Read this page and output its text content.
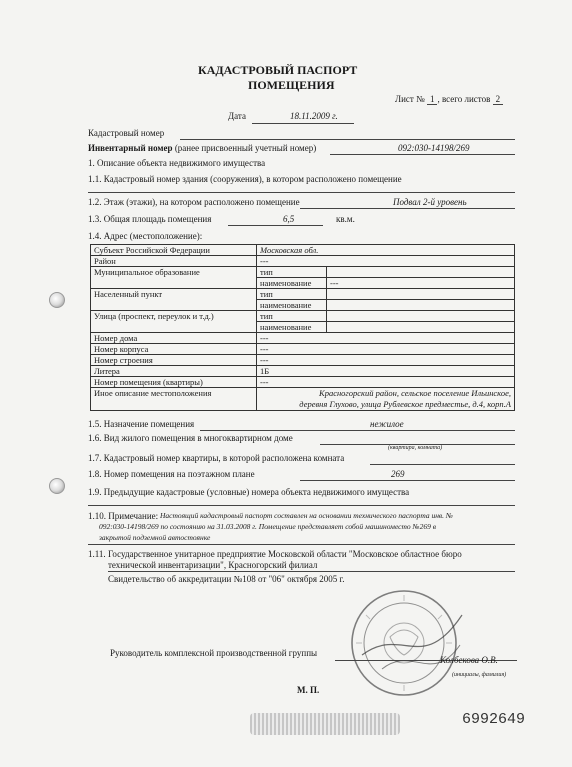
КАДАСТРОВЫЙ ПАСПОРТ
ПОМЕЩЕНИЯ
Лист № 1 , всего листов 2
Дата	18.11.2009 г.
Кадастровый номер
Инвентарный номер (ранее присвоенный учетный номер)	092:030-14198/269
1. Описание объекта недвижимого имущества
1.1. Кадастровый номер здания (сооружения), в котором расположено помещение
1.2. Этаж (этажи), на котором расположено помещение	Подвал 2-й уровень
1.3. Общая площадь помещения	6,5	кв.м.
1.4. Адрес (местоположение):
Субъект Российской Федерации	Московская обл.	
Район	---	
Муниципальное образование	тип	
	наименование	---
Населенный пункт	тип	
	наименование	
Улица (проспект, переулок и т.д.)	тип	
	наименование	
Номер дома	---	
Номер корпуса	---	
Номер строения	---	
Литера	1Б	
Номер помещения (квартиры)	---	
Иное описание местоположения	Красногорский район, сельское поселение Ильинское,
деревня Глухово, улица Рублевское предместье, д.4, корп.А	
1.5. Назначение помещения	нежилое
1.6. Вид жилого помещения в многоквартирном доме
(квартира, комната)
1.7. Кадастровый номер квартиры, в которой расположена комната
1.8. Номер помещения на поэтажном плане	269
1.9. Предыдущие кадастровые (условные) номера объекта недвижимого имущества
1.10. Примечание: Настоящий кадастровый паспорт составлен на основании технического паспорта инв. №
092:030-14198/269 по состоянию на 31.03.2008 г. Помещение представляет собой машиноместо №269 в
закрытой подземной автостоянке
1.11. Государственное унитарное предприятие Московской области "Московское областное бюро
технической инвентаризации", Красногорский филиал
Свидетельство об аккредитации №108 от "06" октября 2005 г.
Руководитель комплексной производственной группы
Колбекова О.В.
(инициалы, фамилия)
М. П.
6992649
